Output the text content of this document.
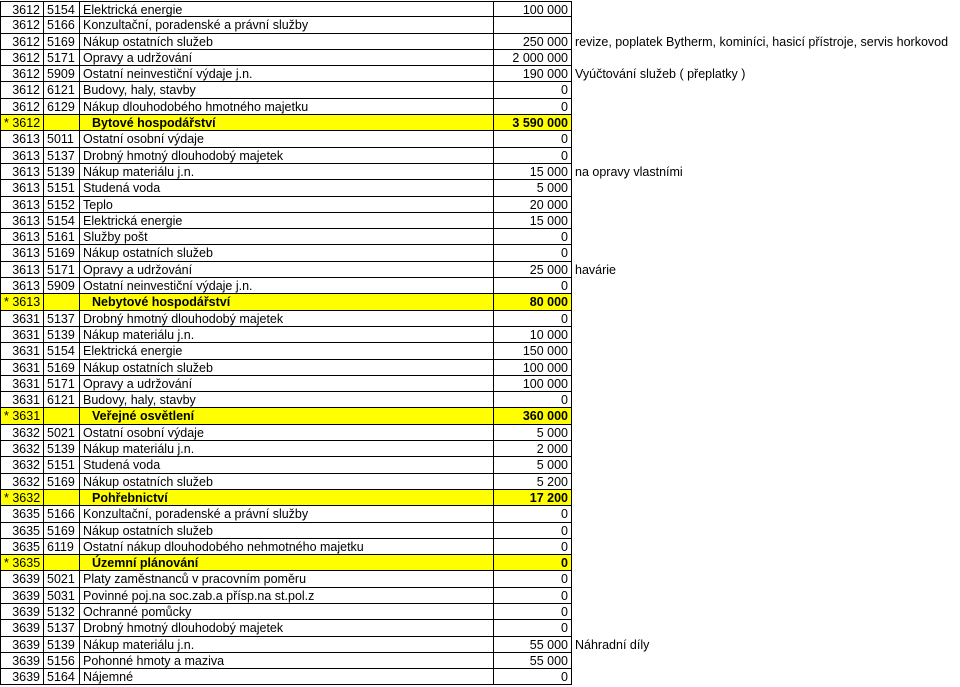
3612 5154 Elektrická energie	100 000
3612 5166 Konzultační, poradenské a právní služby
3612 5169 Nákup ostatních služeb	250 000 revize, poplatek Bytherm, kominíci, hasicí přístroje, servis horkovod
3612 5171 Opravy a udržování	2 000 000
3612 5909 Ostatní neinvestiční výdaje j.n.	190 000 Vyúčtování služeb ( přeplatky )
3612 6121 Budovy, haly, stavby	0
3612 6129 Nákup dlouhodobého hmotného majetku	0
* 3612	Bytové hospodářství	3 590 000
3613 5011 Ostatní osobní výdaje	0
3613 5137 Drobný hmotný dlouhodobý majetek	0
3613 5139 Nákup materiálu j.n.	15 000 na opravy vlastními
3613 5151 Studená voda	5 000
3613 5152 Teplo	20 000
3613 5154 Elektrická energie	15 000
3613 5161 Služby pošt	0
3613 5169 Nákup ostatních služeb	0
3613 5171 Opravy a udržování	25 000 havárie
3613 5909 Ostatní neinvestiční výdaje j.n.	0
* 3613	Nebytové hospodářství	80 000
3631 5137 Drobný hmotný dlouhodobý majetek	0
3631 5139 Nákup materiálu j.n.	10 000
3631 5154 Elektrická energie	150 000
3631 5169 Nákup ostatních služeb	100 000
3631 5171 Opravy a udržování	100 000
3631 6121 Budovy, haly, stavby	0
* 3631	Veřejné osvětlení	360 000
3632 5021 Ostatní osobní výdaje	5 000
3632 5139 Nákup materiálu j.n.	2 000
3632 5151 Studená voda	5 000
3632 5169 Nákup ostatních služeb	5 200
* 3632	Pohřebnictví	17 200
3635 5166 Konzultační, poradenské a právní služby	0
3635 5169 Nákup ostatních služeb	0
3635 6119 Ostatní nákup dlouhodobého nehmotného majetku	0
* 3635	Územní plánování	0
3639 5021 Platy zaměstnanců v pracovním poměru	0
3639 5031 Povinné poj.na soc.zab.a přísp.na st.pol.z	0
3639 5132 Ochranné pomůcky	0
3639 5137 Drobný hmotný dlouhodobý majetek	0
3639 5139 Nákup materiálu j.n.	55 000 Náhradní díly
3639 5156 Pohonné hmoty a maziva	55 000
3639 5164 Nájemné	0
